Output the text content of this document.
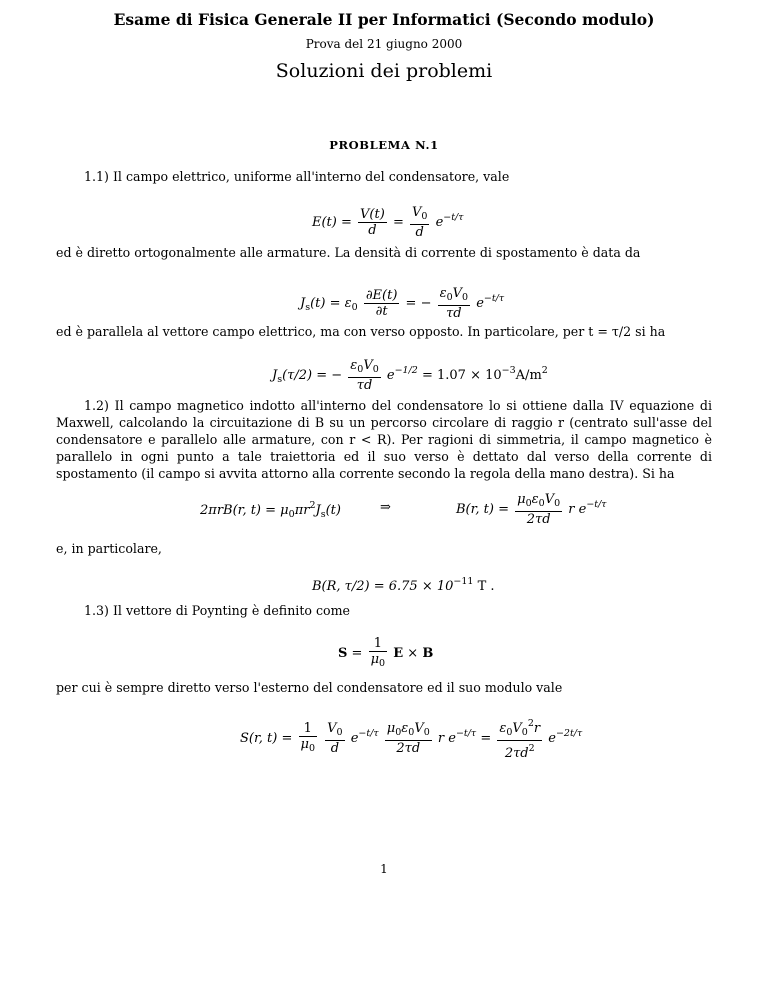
Esame di Fisica Generale II per Informatici (Secondo modulo)
Prova del 21 giugno 2000
Soluzioni dei problemi
PROBLEMA N.1
1.1) Il campo elettrico, uniforme all'interno del condensatore, vale
$E(t) = \frac{V(t)}{d} = \frac{V_0}{d} e^{-t/\tau}$
ed è diretto ortogonalmente alle armature. La densità di corrente di spostamento è data da
$J_s(t) = \varepsilon_0 \frac{\partial E(t)}{\partial t}$ = − $\frac{\varepsilon_0V_0}{\tau d} e^{-t/\tau}$
ed è parallela al vettore campo elettrico, ma con verso opposto. In particolare, per t = τ/2 si ha
$J_s(\tau/2)$ = − $\frac{\varepsilon_0V_0}{\tau d} e^{-1/2} = 1.07 \times 10^{-3}A/m^2$
1.2) Il campo magnetico indotto all'interno del condensatore lo si ottiene dalla IV equazione di Maxwell, calcolando la circuitazione di B su un percorso circolare di raggio r (centrato sull'asse del condensatore e parallelo alle armature, con r < R). Per ragioni di simmetria, il campo magnetico è parallelo in ogni punto a tale traiettoria ed il suo verso è dettato dal verso della corrente di spostamento (il campo si avvita attorno alla corrente secondo la regola della mano destra). Si ha
2πrB(r, $t) = \mu_0\pi r^2J_s(t)$	⇒	B(r, $t) = \frac{\mu_0\varepsilon_0V_0}{2\tau d}$ r $e^{-t/\tau}$
e, in particolare,
B(R, $\tau/2) = 6.75 \times 10^{-11}$ T .
1.3) Il vettore di Poynting è definito come
$S = \frac{1}{\mu_0}$ E × B
per cui è sempre diretto verso l'esterno del condensatore ed il suo modulo vale
S(r, $t) = \frac{1}{\mu_0}$
$\frac{V_0}{d} e^{-t/\tau} \frac{\mu_0\varepsilon_0V_0}{2\tau d}$ r $e^{-t/\tau} = \frac{\varepsilon_0V_0^2r}{2\tau d^2} e^{-2t/\tau}$
1
